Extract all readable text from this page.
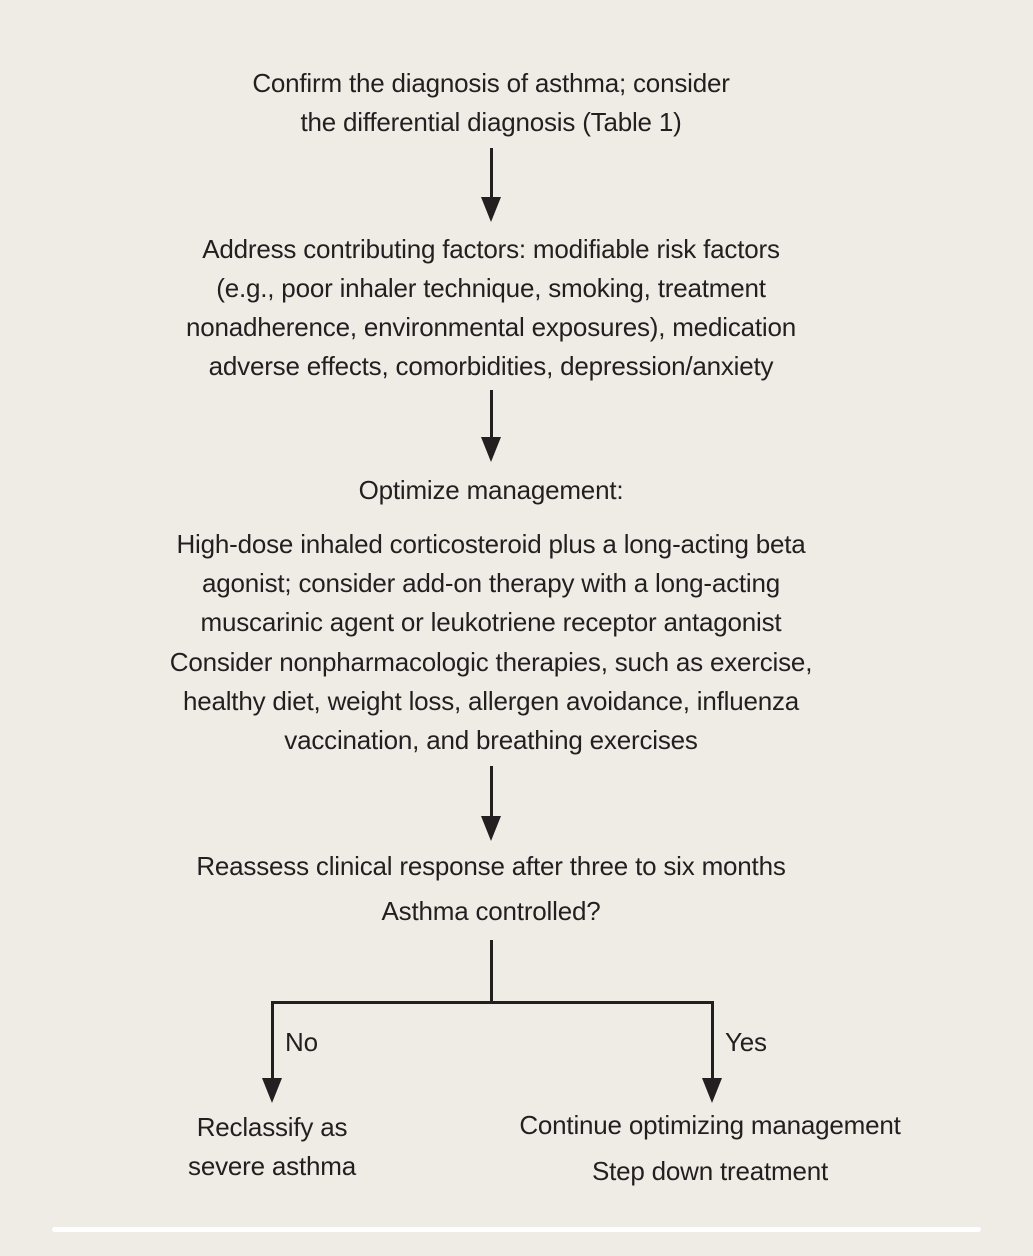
Confirm the diagnosis of asthma; consider
the differential diagnosis (Table 1)
Address contributing factors: modifiable risk factors
(e.g., poor inhaler technique, smoking, treatment
nonadherence, environmental exposures), medication
adverse effects, comorbidities, depression/anxiety
Optimize management:
High-dose inhaled corticosteroid plus a long-acting beta
agonist; consider add-on therapy with a long-acting
muscarinic agent or leukotriene receptor antagonist
Consider nonpharmacologic therapies, such as exercise,
healthy diet, weight loss, allergen avoidance, influenza
vaccination, and breathing exercises
Reassess clinical response after three to six months
Asthma controlled?
No	Yes
Reclassify as
severe asthma
Continue optimizing management
Step down treatment
